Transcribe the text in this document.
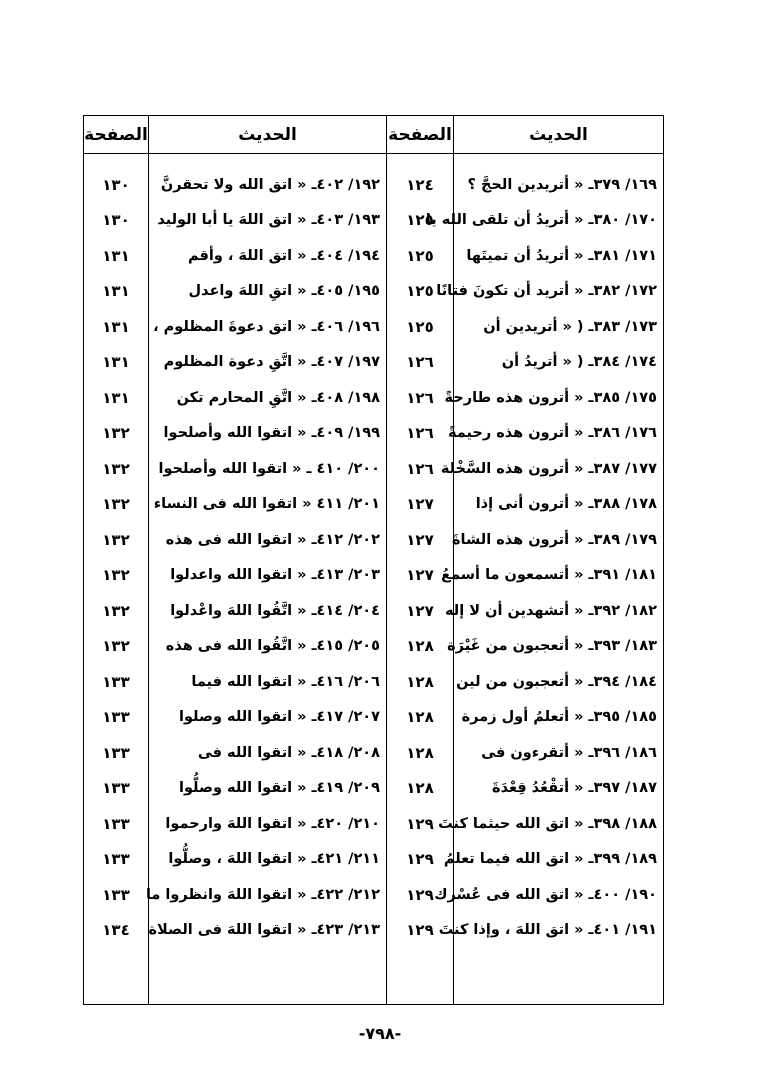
الصفحة
١٣٠
١٣٠
١٣١
١٣١
١٣١
١٣١
١٣١
١٣٢
١٣٢
١٣٢
١٣٢
١٣٢
١٣٢
١٣٢
١٣٣
١٣٣
١٣٣
١٣٣
١٣٣
١٣٣
١٣٣
١٣٤
الحديث
١٩٢/ ٤٠٢ـ « اتق الله ولا تحقرنَّ
١٩٣/ ٤٠٣ـ « اتق اللهَ يا أبا الوليد
١٩٤/ ٤٠٤ـ « اتق اللهَ ، وأقم
١٩٥/ ٤٠٥ـ « اتقِ اللهَ واعدل
١٩٦/ ٤٠٦ـ « اتق دعوةَ المظلوم ،
١٩٧/ ٤٠٧ـ « اتَّقِ دعوة المظلوم
١٩٨/ ٤٠٨ـ « اتَّقِ المحارم تكن
١٩٩/ ٤٠٩ـ « اتقوا الله وأصلحوا
٢٠٠/ ٤١٠ ـ « اتقوا الله وأصلحوا
٢٠١/ ٤١١ « اتقوا الله فى النساء
٢٠٢/ ٤١٢ـ « اتقوا الله فى هذه
٢٠٣/ ٤١٣ـ « اتقوا الله واعدلوا
٢٠٤/ ٤١٤ـ « اتَّقُوا اللهَ واعْدلوا
٢٠٥/ ٤١٥ـ « اتَّقُوا الله فى هذه
٢٠٦/ ٤١٦ـ « اتقوا الله فيما
٢٠٧/ ٤١٧ـ « اتقوا الله وصلوا
٢٠٨/ ٤١٨ـ « اتقوا الله فى
٢٠٩/ ٤١٩ـ « اتقوا الله وصلُّوا
٢١٠/ ٤٢٠ـ « اتقوا اللهَ وارحموا
٢١١/ ٤٢١ـ « اتقوا اللهَ ، وصلُّوا
٢١٢/ ٤٢٢ـ « اتقوا اللهَ وانظروا ما
٢١٣/ ٤٢٣ـ « اتقوا اللهَ فى الصلاة
الصفحة
١٢٤
١٢٥
١٢٥
١٢٥
١٢٥
١٢٦
١٢٦
١٢٦
١٢٦
١٢٧
١٢٧
١٢٧
١٢٧
١٢٨
١٢٨
١٢٨
١٢٨
١٢٨
١٢٩
١٢٩
١٢٩
١٢٩
الحديث
١٦٩/ ٣٧٩ـ « أتريدين الحجَّ ؟
١٧٠/ ٣٨٠ـ « أتريدُ أن تلقى الله يا
١٧١/ ٣٨١ـ « أتريدُ أن تميتَها
١٧٢/ ٣٨٢ـ « أتريد أن تكونَ فتانًا
١٧٣/ ٣٨٣ـ ( « أتريدين أن
١٧٤/ ٣٨٤ـ ( « أتريدُ أن
١٧٥/ ٣٨٥ـ « أترون هذه طارحةً
١٧٦/ ٣٨٦ـ « أترون هذه رحيمةً
١٧٧/ ٣٨٧ـ « أترون هذه السَّخْلة
١٧٨/ ٣٨٨ـ « أترون أنى إذا
١٧٩/ ٣٨٩ـ « أترون هذه الشاةَ
١٨١/ ٣٩١ـ « أتسمعون ما أسمعُ
١٨٢/ ٣٩٢ـ « أتشهدين أن لا إله
١٨٣/ ٣٩٣ـ « أتعجبون من غَيْرَة
١٨٤/ ٣٩٤ـ « أتعجبون من لين
١٨٥/ ٣٩٥ـ « أتعلمُ أول زمرة
١٨٦/ ٣٩٦ـ « أتقرءون فى
١٨٧/ ٣٩٧ـ « أتقْعُدُ قِعْدَةَ
١٨٨/ ٣٩٨ـ « اتق الله حيثما كنتَ
١٨٩/ ٣٩٩ـ « اتق الله فيما تعلمُ
١٩٠/ ٤٠٠ـ « اتق الله فى عُسْرك
١٩١/ ٤٠١ـ « اتق اللهَ ، وإذا كنتَ
-٧٩٨-
